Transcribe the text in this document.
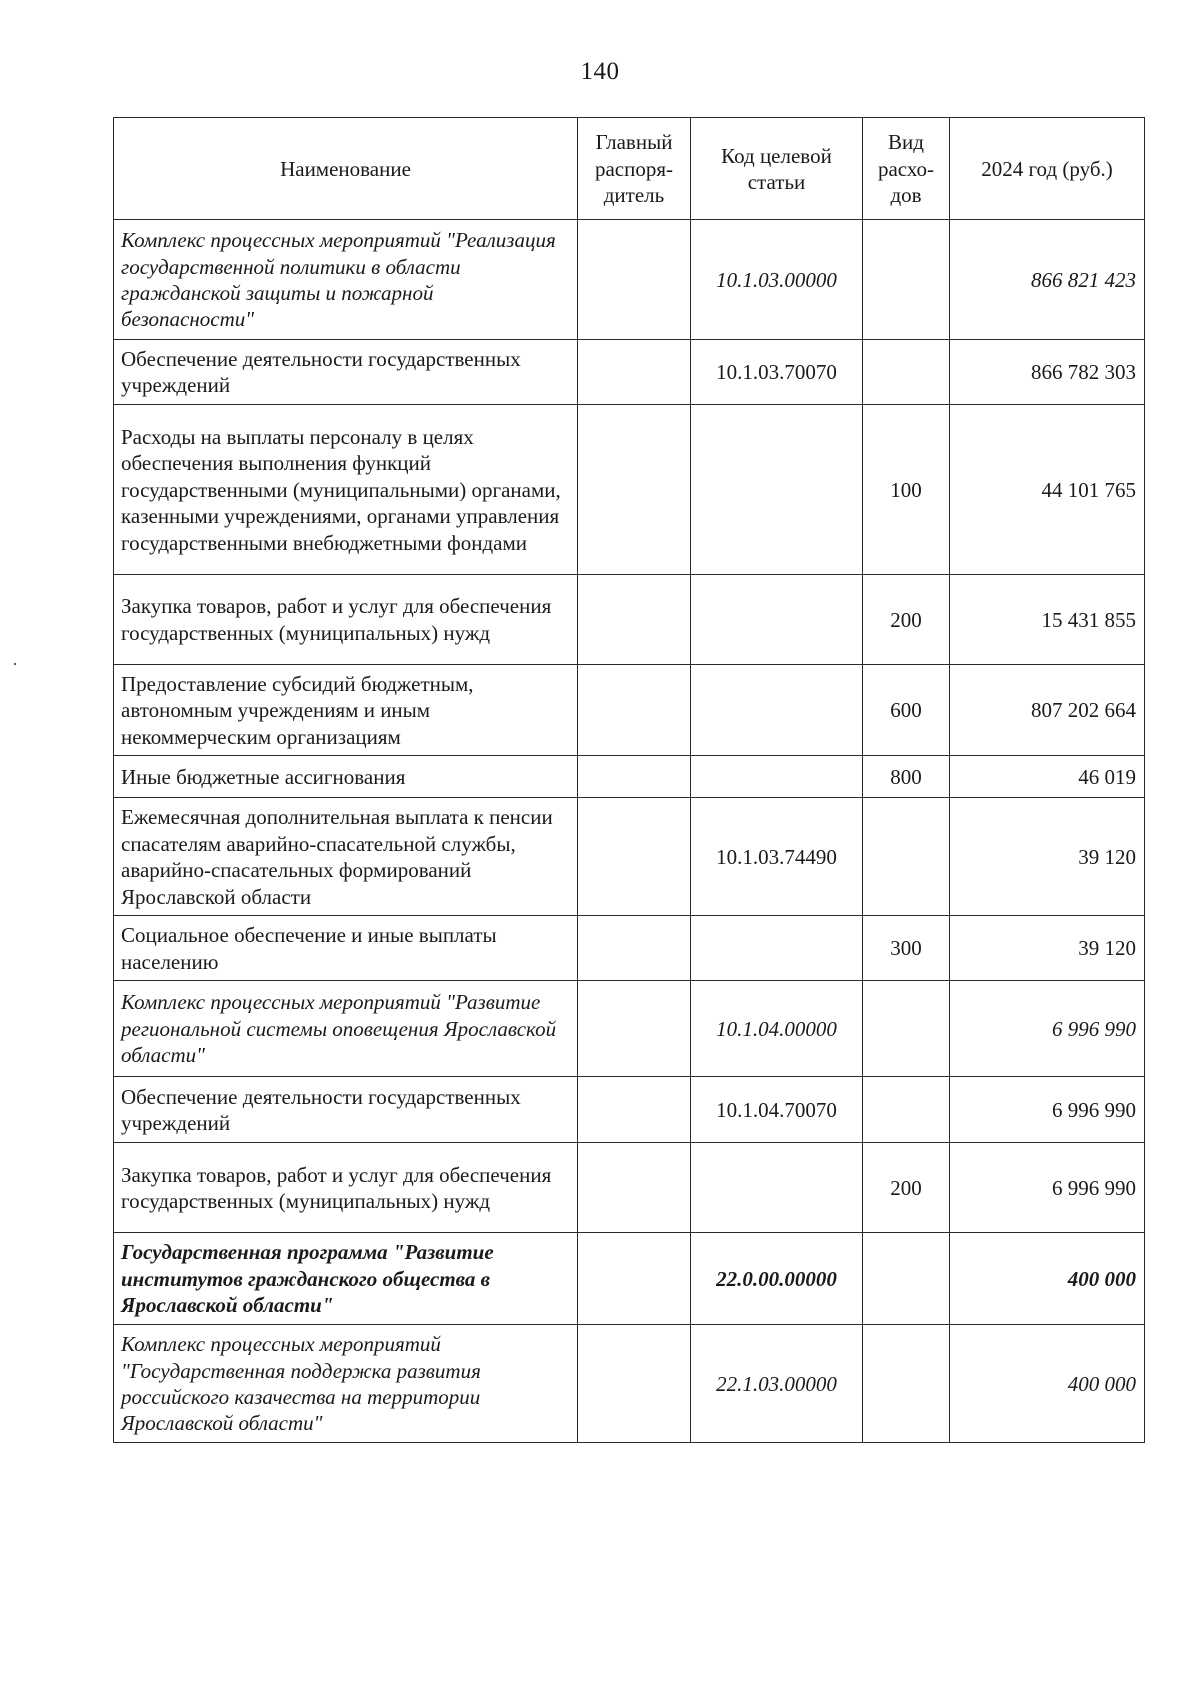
140
Наименование	Главный распоря-дитель	Код целевой статьи	Вид расхо-дов	2024 год (руб.)
Комплекс процессных мероприятий "Реализация государственной политики в области гражданской защиты и пожарной безопасности"		10.1.03.00000		866 821 423
Обеспечение деятельности государственных учреждений		10.1.03.70070		866 782 303
Расходы на выплаты персоналу в целях обеспечения выполнения функций государственными (муниципальными) органами, казенными учреждениями, органами управления государственными внебюджетными фондами			100	44 101 765
Закупка товаров, работ и услуг для обеспечения государственных (муниципальных) нужд			200	15 431 855
Предоставление субсидий бюджетным, автономным учреждениям и иным некоммерческим организациям			600	807 202 664
Иные бюджетные ассигнования			800	46 019
Ежемесячная дополнительная выплата к пенсии спасателям аварийно-спасательной службы, аварийно-спасательных формирований Ярославской области		10.1.03.74490		39 120
Социальное обеспечение и иные выплаты населению			300	39 120
Комплекс процессных мероприятий "Развитие региональной системы оповещения Ярославской области"		10.1.04.00000		6 996 990
Обеспечение деятельности государственных учреждений		10.1.04.70070		6 996 990
Закупка товаров, работ и услуг для обеспечения государственных (муниципальных) нужд			200	6 996 990
Государственная программа "Развитие институтов гражданского общества в Ярославской области"		22.0.00.00000		400 000
Комплекс процессных мероприятий "Государственная поддержка развития российского казачества на территории Ярославской области"		22.1.03.00000		400 000
